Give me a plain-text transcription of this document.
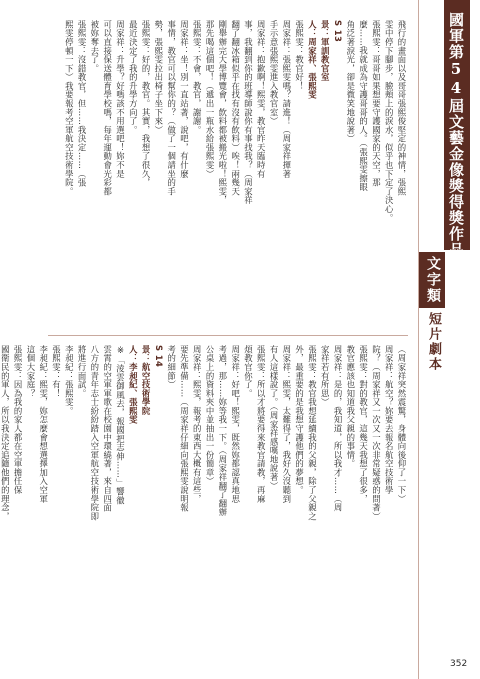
國軍第54屆文藝金像獎得獎作品專輯
文字類
短片劇本
飛行的畫面以及哥哥張熙俊堅定的神情，張熙
雯中停下腳步，臉頰上的淚水，似乎也下定了決心。
張熙雯：哥哥如果想要守護國家的天空，那
麼……我就成為守護哥哥的人。（張熙雯擦眼
角泛著淚光，卻是微笑地說著）
S 13
景：軍訓教官室
人：周家祥、張熙雯
張熙雯：教官好！
周家祥：張熙雯嗎？請進！（周家祥揮著
手示意張熙雯進入教官室）
周家祥：抱歉啊！熙雯，教官昨天臨時有
事，我翻到你的班導師說你有事找我？（周家祥
翻了翻冰箱似乎在找有沒有飲料）唉！兩幾天
剛舉辦完大學博覽會，飲料都被搬光啦！熙雯，
那先喝這個吧！（遞出一瓶水給張熙雯）
張熙雯：不會，教官，謝謝。
周家祥：坐！別一直站著，說吧，有什麼
事情，教官可以幫你的？（做了一個請坐的手
勢，張熙雯拉出椅子坐下來）
張熙雯：好的，教官。其實，我想了很久，
最近決定了我的升學方向了。
周家祥：升學？好嗎該不用選吧！妳不是
可以直接保送體育學校嗎，每年運動會光彩都
被妳奪去了。
張熙雯：沒錯教官，但……我決定……（張
熙雯停頓一下）我要報考空軍航空技術學院。
（周家祥突然震驚，身體向後仰了一下）
周家祥：航空？妳要去報名航空技術學
院？（周家祥又一次又一次非常疑惑的問著）
張熙雯：對的教官，這幾天我想了很多，
教官應該也知道我父親的事情。
周家祥：是的，我知道，所以我才……（周
家祥若有所思）
張熙雯：教官我想延續我的父親，除了父親之
外，最重要的是我想守護他們的夢想。
周家祥：熙雯，太難得了，我好久沒聽到
有人這樣說了。（周家祥感嘆地說著）
張熙雯：所以才將要得來教官請教，再麻
煩教官你了。
周家祥：好吧！熙雯，既然妳都認真地思
考過，那……妳等我一下。（周家祥翻了翻辦
公桌上的資料夾中並抽出一份簡章）
周家祥：熙雯，報考的東西大概有這些，
要先準備……（周家祥仔細向張熙雯說明報
考的細節）
S 14
景：航空技術學院
人：李昶紀、張熙雯
※「淩雲御風去，報國把志伸……」響徹
雲霄的空軍軍歌在校園中環繞著，來自四面
八方的青年志士紛紛踏入空軍航空技術學院即
將進行面試。
李昶紀：張熙雯。
張熙雯：有！
李昶紀：熙雯，妳怎麼會想選擇加入空軍
這個大家庭？
張熙雯：因為我的家人都在空軍擔任保
國衛民的軍人，所以我決定追隨他們的理念，
352
